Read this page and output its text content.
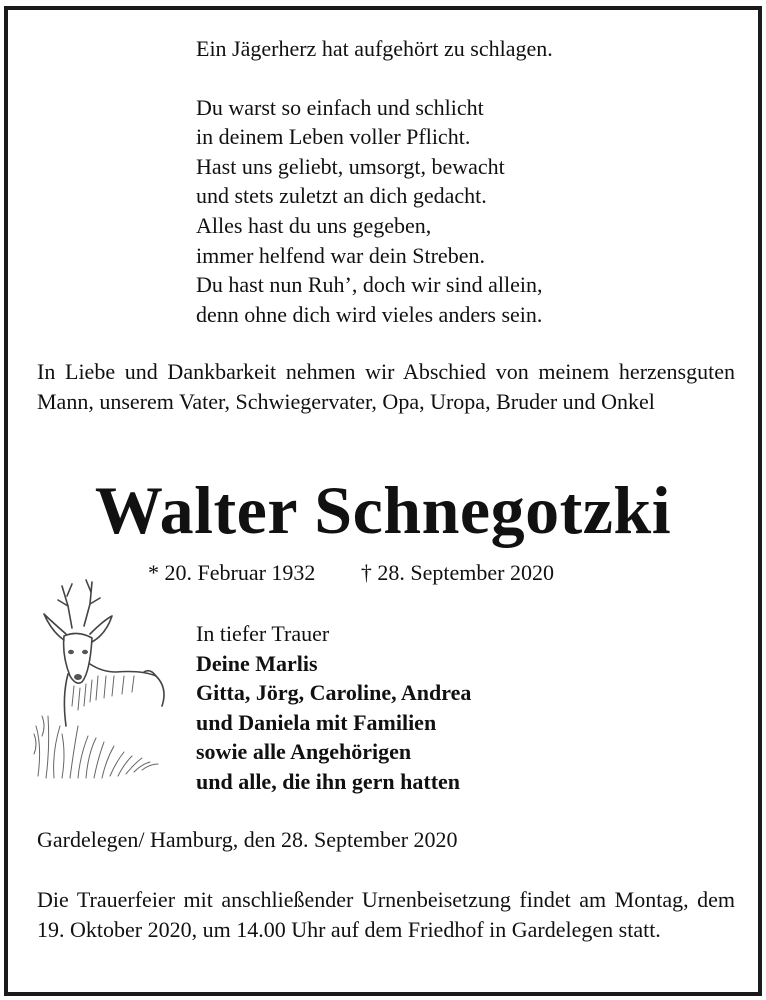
Ein Jägerherz hat aufgehört zu schlagen.
Du warst so einfach und schlicht
in deinem Leben voller Pflicht.
Hast uns geliebt, umsorgt, bewacht
und stets zuletzt an dich gedacht.
Alles hast du uns gegeben,
immer helfend war dein Streben.
Du hast nun Ruh’, doch wir sind allein,
denn ohne dich wird vieles anders sein.
In Liebe und Dankbarkeit nehmen wir Abschied von meinem herzensguten Mann, unserem Vater, Schwiegervater, Opa, Uropa, Bruder und Onkel
Walter Schnegotzki
* 20. Februar 1932 † 28. September 2020
In tiefer Trauer
Deine Marlis
Gitta, Jörg, Caroline, Andrea
und Daniela mit Familien
sowie alle Angehörigen
und alle, die ihn gern hatten
Gardelegen/ Hamburg, den 28. September 2020
Die Trauerfeier mit anschließender Urnenbeisetzung findet am Montag, dem 19. Oktober 2020, um 14.00 Uhr auf dem Friedhof in Gardelegen statt.
